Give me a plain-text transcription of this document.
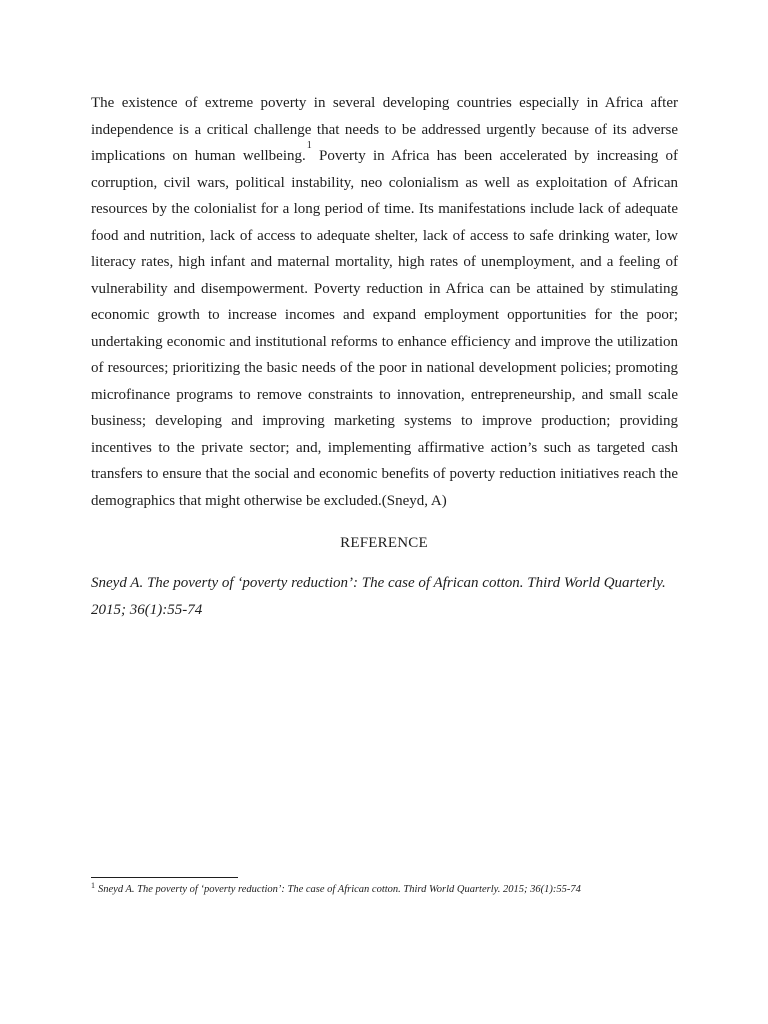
The existence of extreme poverty in several developing countries especially in Africa after independence is a critical challenge that needs to be addressed urgently because of its adverse implications on human wellbeing.$^1$ Poverty in Africa has been accelerated by increasing of corruption, civil wars, political instability, neo colonialism as well as exploitation of African resources by the colonialist for a long period of time. Its manifestations include lack of adequate food and nutrition, lack of access to adequate shelter, lack of access to safe drinking water, low literacy rates, high infant and maternal mortality, high rates of unemployment, and a feeling of vulnerability and disempowerment. Poverty reduction in Africa can be attained by stimulating economic growth to increase incomes and expand employment opportunities for the poor; undertaking economic and institutional reforms to enhance efficiency and improve the utilization of resources; prioritizing the basic needs of the poor in national development policies; promoting microfinance programs to remove constraints to innovation, entrepreneurship, and small scale business; developing and improving marketing systems to improve production; providing incentives to the private sector; and, implementing affirmative action’s such as targeted cash transfers to ensure that the social and economic benefits of poverty reduction initiatives reach the demographics that might otherwise be excluded.(Sneyd, A)

REFERENCE

Sneyd A. The poverty of ‘poverty reduction’: The case of African cotton. Third World Quarterly. 2015; 36(1):55-74

$^1$ Sneyd A. The poverty of ‘poverty reduction’: The case of African cotton. Third World Quarterly. 2015; 36(1):55-74
